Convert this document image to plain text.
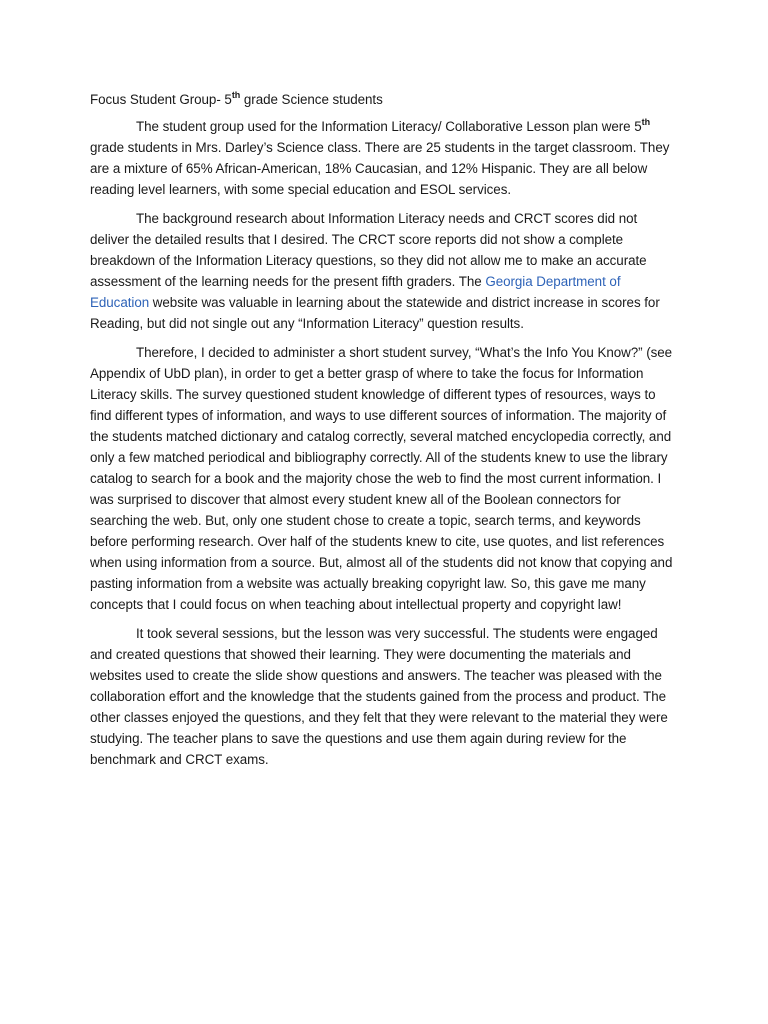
Focus Student Group- 5th grade Science students

The student group used for the Information Literacy/ Collaborative Lesson plan were 5th grade students in Mrs. Darley’s Science class. There are 25 students in the target classroom. They are a mixture of 65% African-American, 18% Caucasian, and 12% Hispanic. They are all below reading level learners, with some special education and ESOL services.

The background research about Information Literacy needs and CRCT scores did not deliver the detailed results that I desired. The CRCT score reports did not show a complete breakdown of the Information Literacy questions, so they did not allow me to make an accurate assessment of the learning needs for the present fifth graders. The Georgia Department of Education website was valuable in learning about the statewide and district increase in scores for Reading, but did not single out any “Information Literacy” question results.

Therefore, I decided to administer a short student survey, “What’s the Info You Know?” (see Appendix of UbD plan), in order to get a better grasp of where to take the focus for Information Literacy skills. The survey questioned student knowledge of different types of resources, ways to find different types of information, and ways to use different sources of information. The majority of the students matched dictionary and catalog correctly, several matched encyclopedia correctly, and only a few matched periodical and bibliography correctly. All of the students knew to use the library catalog to search for a book and the majority chose the web to find the most current information. I was surprised to discover that almost every student knew all of the Boolean connectors for searching the web. But, only one student chose to create a topic, search terms, and keywords before performing research. Over half of the students knew to cite, use quotes, and list references when using information from a source. But, almost all of the students did not know that copying and pasting information from a website was actually breaking copyright law. So, this gave me many concepts that I could focus on when teaching about intellectual property and copyright law!

It took several sessions, but the lesson was very successful. The students were engaged and created questions that showed their learning. They were documenting the materials and websites used to create the slide show questions and answers. The teacher was pleased with the collaboration effort and the knowledge that the students gained from the process and product. The other classes enjoyed the questions, and they felt that they were relevant to the material they were studying. The teacher plans to save the questions and use them again during review for the benchmark and CRCT exams.
